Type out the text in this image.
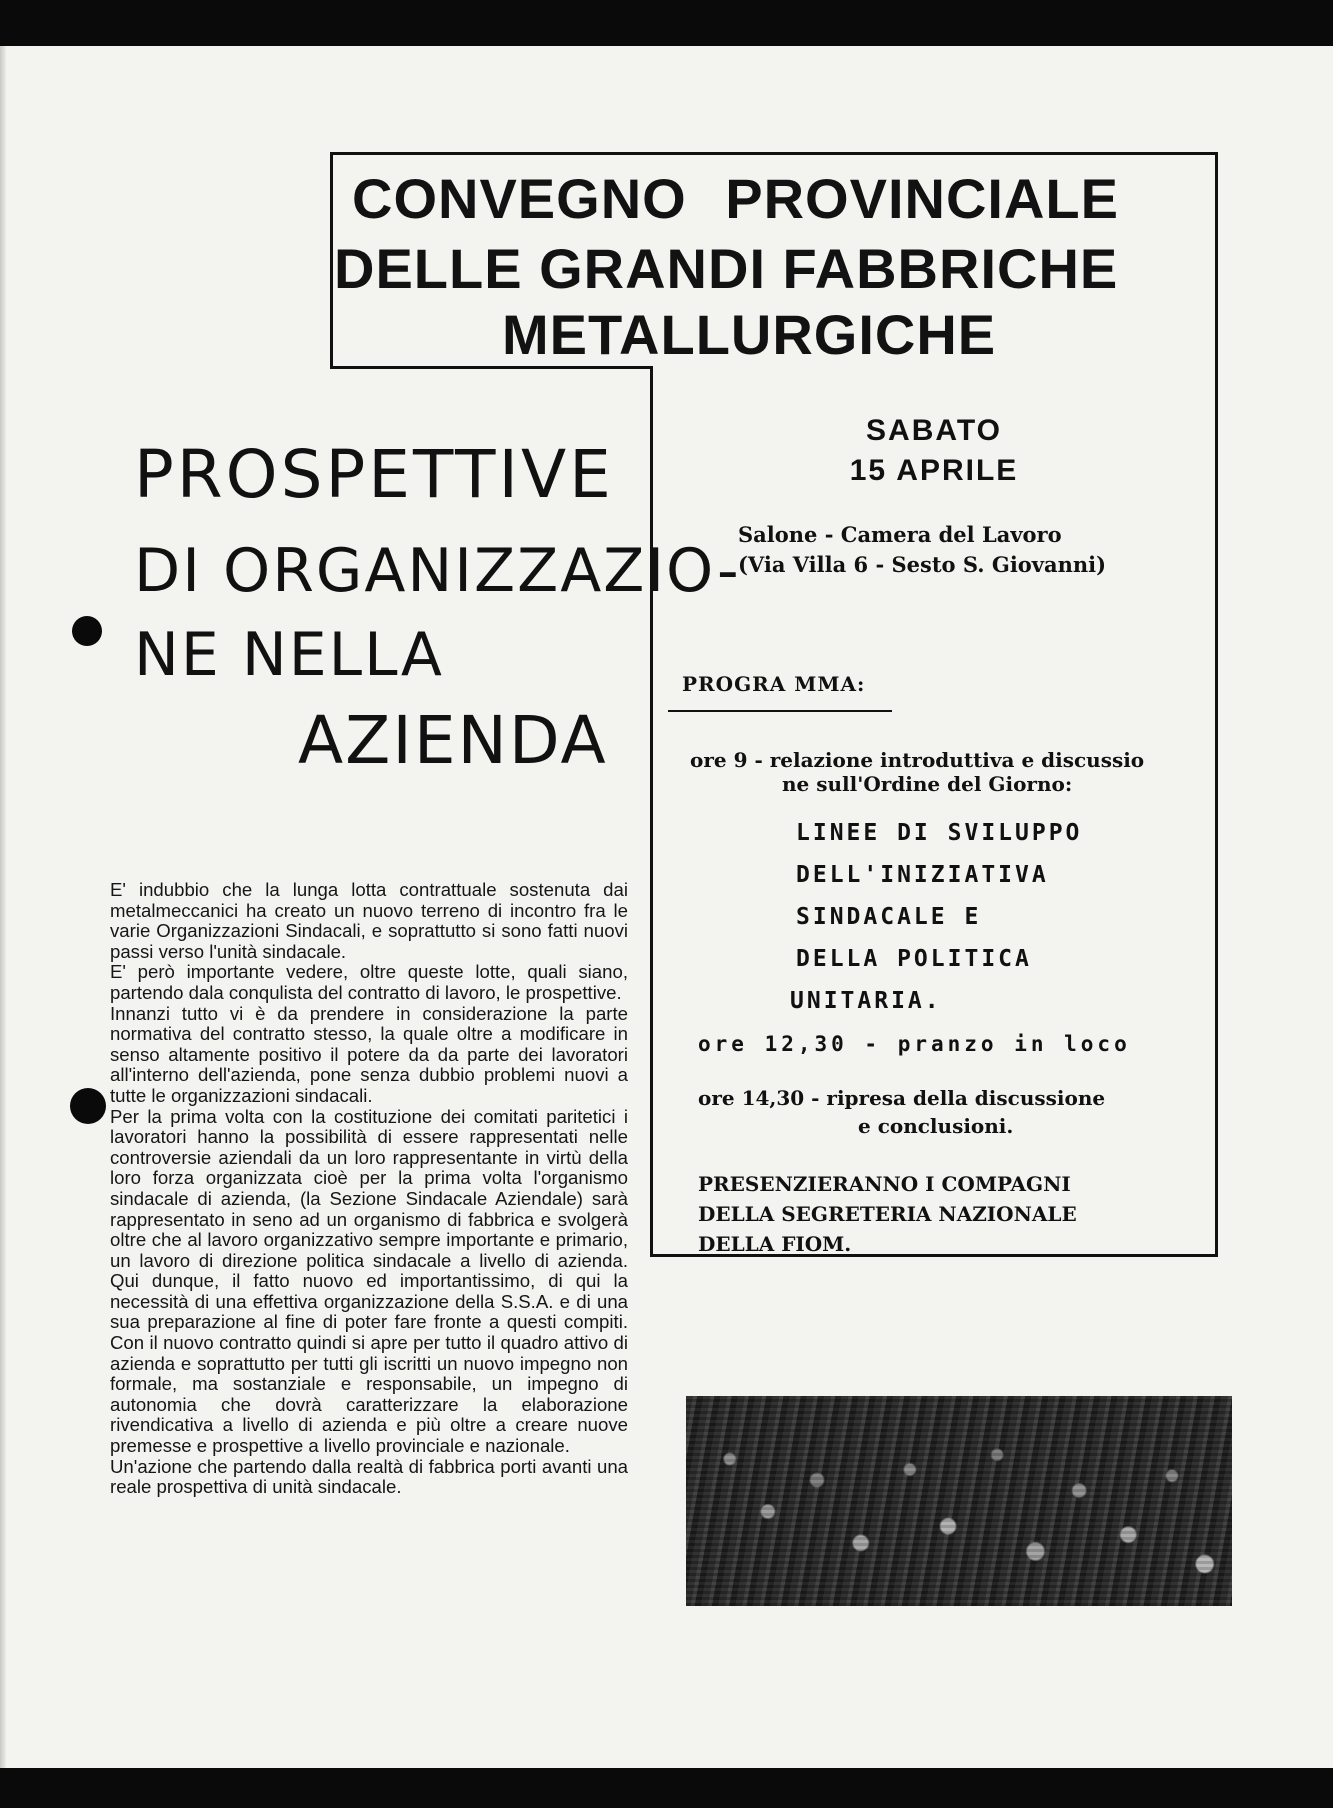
CONVEGNO PROVINCIALE
DELLE GRANDI FABBRICHE
METALLURGICHE
PROSPETTIVE
DI ORGANIZZAZIO-
NE NELLA
AZIENDA
SABATO
15 APRILE
Salone - Camera del Lavoro
(Via Villa 6 - Sesto S. Giovanni)
PROGRA MMA:
ore 9 - relazione introduttiva e discussio
ne sull'Ordine del Giorno:
LINEE DI SVILUPPO
DELL'INIZIATIVA
SINDACALE E
DELLA POLITICA
UNITARIA.
ore 12,30 - pranzo in loco
ore 14,30 - ripresa della discussione
e conclusioni.
PRESENZIERANNO I COMPAGNI
DELLA SEGRETERIA NAZIONALE
DELLA FIOM.

E' indubbio che la lunga lotta contrattuale sostenuta dai metalmeccanici ha creato un nuovo terreno di incontro fra le varie Organizzazioni Sindacali, e soprattutto si sono fatti nuovi passi verso l'unità sindacale.

E' però importante vedere, oltre queste lotte, quali siano, partendo dala conqulista del contratto di lavoro, le prospettive.

Innanzi tutto vi è da prendere in considerazione la parte normativa del contratto stesso, la quale oltre a modificare in senso altamente positivo il potere da da parte dei lavoratori all'interno dell'azienda, pone senza dubbio problemi nuovi a tutte le organizzazioni sindacali.

Per la prima volta con la costituzione dei comitati paritetici i lavoratori hanno la possibilità di essere rappresentati nelle controversie aziendali da un loro rappresentante in virtù della loro forza organizzata cioè per la prima volta l'organismo sindacale di azienda, (la Sezione Sindacale Aziendale) sarà rappresentato in seno ad un organismo di fabbrica e svolgerà oltre che al lavoro organizzativo sempre importante e primario, un lavoro di direzione politica sindacale a livello di azienda. Qui dunque, il fatto nuovo ed importantissimo, di qui la necessità di una effettiva organizzazione della S.S.A. e di una sua preparazione al fine di poter fare fronte a questi compiti. Con il nuovo contratto quindi si apre per tutto il quadro attivo di azienda e soprattutto per tutti gli iscritti un nuovo impegno non formale, ma sostanziale e responsabile, un impegno di autonomia che dovrà caratterizzare la elaborazione rivendicativa a livello di azienda e più oltre a creare nuove premesse e prospettive a livello provinciale e nazionale.

Un'azione che partendo dalla realtà di fabbrica porti avanti una reale prospettiva di unità sindacale.
